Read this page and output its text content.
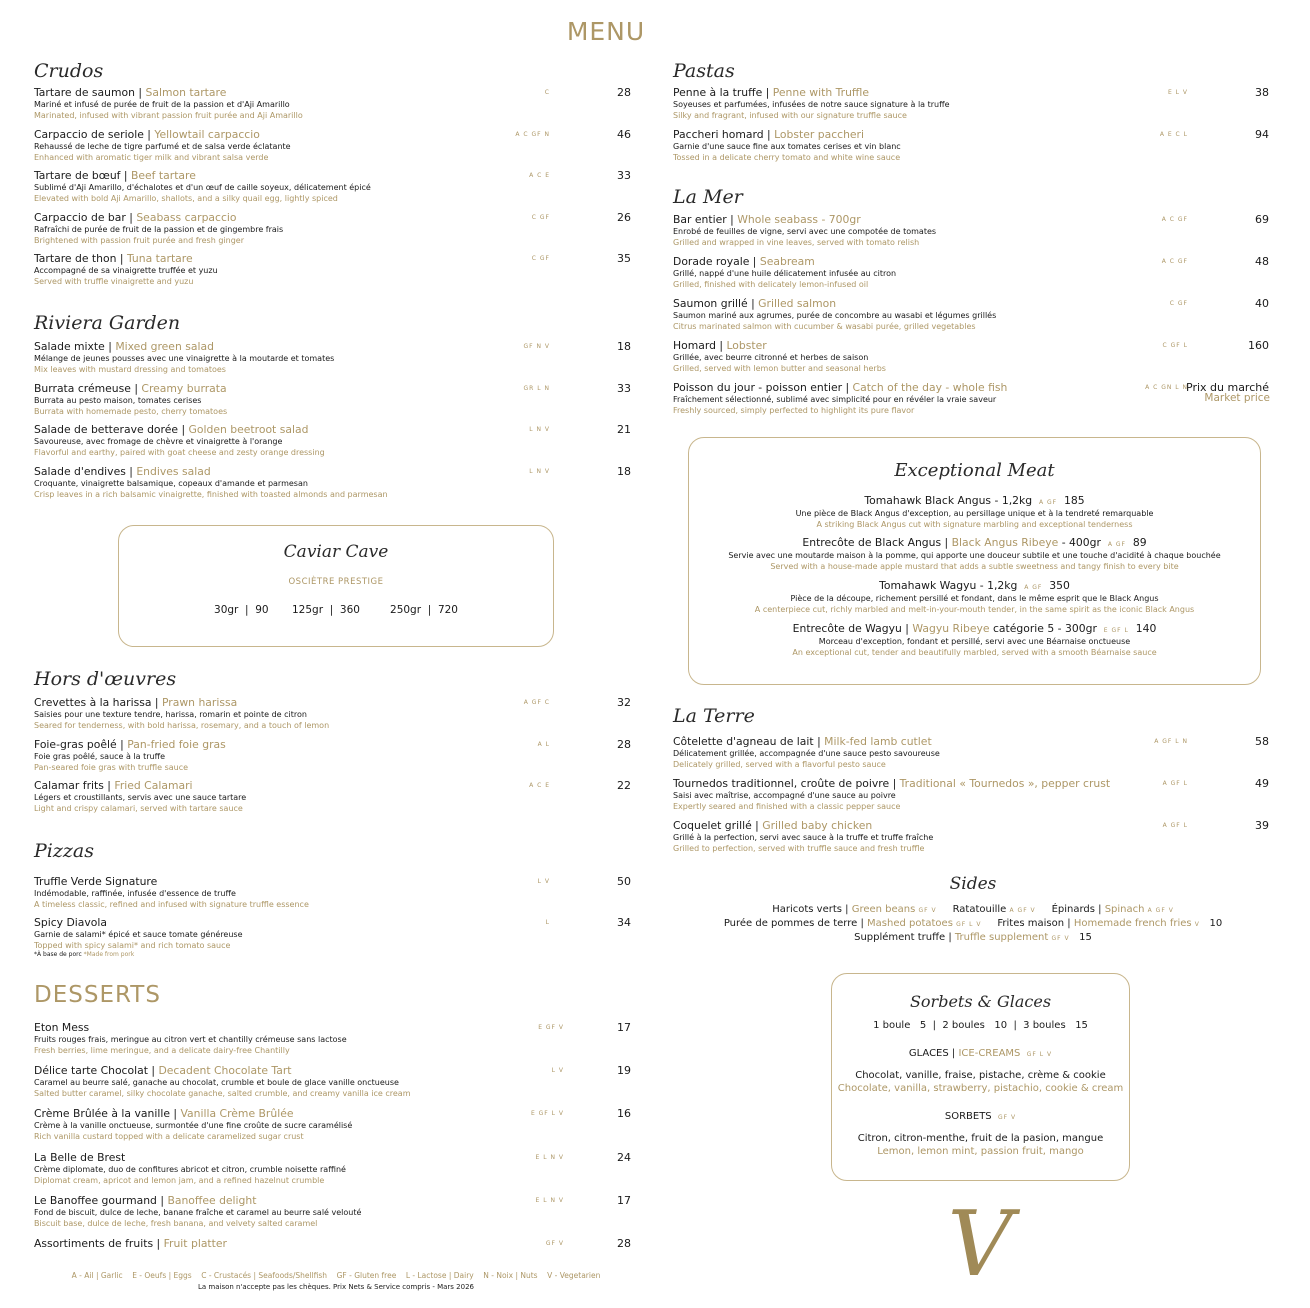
MENU
Crudos
Tartare de saumon | Salmon tartare
Mariné et infusé de purée de fruit de la passion et d'Aji Amarillo
Marinated, infused with vibrant passion fruit purée and Aji Amarillo
C	28
Carpaccio de seriole | Yellowtail carpaccio
Rehaussé de leche de tigre parfumé et de salsa verde éclatante
Enhanced with aromatic tiger milk and vibrant salsa verde
A C GF N	46
Tartare de bœuf | Beef tartare
Sublimé d'Aji Amarillo, d'échalotes et d'un œuf de caille soyeux, délicatement épicé
Elevated with bold Aji Amarillo, shallots, and a silky quail egg, lightly spiced
A C E	33
Carpaccio de bar | Seabass carpaccio
Rafraîchi de purée de fruit de la passion et de gingembre frais
Brightened with passion fruit purée and fresh ginger
C GF	26
Tartare de thon | Tuna tartare
Accompagné de sa vinaigrette truffée et yuzu
Served with truffle vinaigrette and yuzu
C GF	35
Riviera Garden
Salade mixte | Mixed green salad
Mélange de jeunes pousses avec une vinaigrette à la moutarde et tomates
Mix leaves with mustard dressing and tomatoes
GF N V	18
Burrata crémeuse | Creamy burrata
Burrata au pesto maison, tomates cerises
Burrata with homemade pesto, cherry tomatoes
GR L N	33
Salade de betterave dorée | Golden beetroot salad
Savoureuse, avec fromage de chèvre et vinaigrette à l'orange
Flavorful and earthy, paired with goat cheese and zesty orange dressing
L N V	21
Salade d'endives | Endives salad
Croquante, vinaigrette balsamique, copeaux d'amande et parmesan
Crisp leaves in a rich balsamic vinaigrette, finished with toasted almonds and parmesan
L N V	18
Caviar Cave
OSCIÈTRE PRESTIGE
30gr  |  90 125gr  |  360	250gr  |  720
Hors d'œuvres
Crevettes à la harissa | Prawn harissa
Saisies pour une texture tendre, harissa, romarin et pointe de citron
Seared for tenderness, with bold harissa, rosemary, and a touch of lemon
A GF C	32
Foie-gras poêlé | Pan-fried foie gras
Foie gras poêlé, sauce à la truffe
Pan-seared foie gras with truffle sauce
A L	28
Calamar frits | Fried Calamari
Légers et croustillants, servis avec une sauce tartare
Light and crispy calamari, served with tartare sauce
A C E	22
Pizzas
Truffle Verde Signature
Indémodable, raffinée, infusée d'essence de truffe
A timeless classic, refined and infused with signature truffle essence
L V	50
Spicy Diavola
Garnie de salami* épicé et sauce tomate généreuse
Topped with spicy salami* and rich tomato sauce
L	34
*À base de porc *Made from pork
DESSERTS
Eton Mess
Fruits rouges frais, meringue au citron vert et chantilly crémeuse sans lactose
Fresh berries, lime meringue, and a delicate dairy-free Chantilly
E GF V	17
Délice tarte Chocolat | Decadent Chocolate Tart
Caramel au beurre salé, ganache au chocolat, crumble et boule de glace vanille onctueuse
Salted butter caramel, silky chocolate ganache, salted crumble, and creamy vanilla ice cream
L V	19
Crème Brûlée à la vanille | Vanilla Crème Brûlée
Crème à la vanille onctueuse, surmontée d'une fine croûte de sucre caramélisé
Rich vanilla custard topped with a delicate caramelized sugar crust
E GF L V	16
La Belle de Brest
Crème diplomate, duo de confitures abricot et citron, crumble noisette raffiné
Diplomat cream, apricot and lemon jam, and a refined hazelnut crumble
E L N V	24
Le Banoffee gourmand | Banoffee delight
Fond de biscuit, dulce de leche, banane fraîche et caramel au beurre salé velouté
Biscuit base, dulce de leche, fresh banana, and velvety salted caramel
E L N V	17
Assortiments de fruits | Fruit platter	GF V	28
A - Ail | Garlic    E - Oeufs | Eggs    C - Crustacés | Seafoods/Shellfish    GF - Gluten free    L - Lactose | Dairy    N - Noix | Nuts    V - Vegetarien
La maison n'accepte pas les chèques. Prix Nets & Service compris - Mars 2026
Pastas
Penne à la truffe | Penne with Truffle
Soyeuses et parfumées, infusées de notre sauce signature à la truffe
Silky and fragrant, infused with our signature truffle sauce
E L V	38
Paccheri homard | Lobster paccheri
Garnie d'une sauce fine aux tomates cerises et vin blanc
Tossed in a delicate cherry tomato and white wine sauce
A E C L	94
La Mer
Bar entier | Whole seabass - 700gr
Enrobé de feuilles de vigne, servi avec une compotée de tomates
Grilled and wrapped in vine leaves, served with tomato relish
A C GF	69
Dorade royale | Seabream
Grillé, nappé d'une huile délicatement infusée au citron
Grilled, finished with delicately lemon-infused oil
A C GF	48
Saumon grillé | Grilled salmon
Saumon mariné aux agrumes, purée de concombre au wasabi et légumes grillés
Citrus marinated salmon with cucumber & wasabi purée, grilled vegetables
C GF	40
Homard | Lobster
Grillée, avec beurre citronné et herbes de saison
Grilled, served with lemon butter and seasonal herbs
C GF L	160
Poisson du jour - poisson entier | Catch of the day - whole fish
Fraîchement sélectionné, sublimé avec simplicité pour en révéler la vraie saveur
Freshly sourced, simply perfected to highlight its pure flavor
A C GN L N
Prix du marché
Market price
Exceptional Meat
Tomahawk Black Angus - 1,2kg A GF 185
Une pièce de Black Angus d'exception, au persillage unique et à la tendreté remarquable
A striking Black Angus cut with signature marbling and exceptional tenderness
Entrecôte de Black Angus | Black Angus Ribeye - 400gr A GF 89
Servie avec une moutarde maison à la pomme, qui apporte une douceur subtile et une touche d'acidité à chaque bouchée
Served with a house-made apple mustard that adds a subtle sweetness and tangy finish to every bite
Tomahawk Wagyu - 1,2kg A GF 350
Pièce de la découpe, richement persillé et fondant, dans le même esprit que le Black Angus
A centerpiece cut, richly marbled and melt-in-your-mouth tender, in the same spirit as the iconic Black Angus
Entrecôte de Wagyu | Wagyu Ribeye catégorie 5 - 300gr E GF L 140
Morceau d'exception, fondant et persillé, servi avec une Béarnaise onctueuse
An exceptional cut, tender and beautifully marbled, served with a smooth Béarnaise sauce
La Terre
Côtelette d'agneau de lait | Milk-fed lamb cutlet
Délicatement grillée, accompagnée d'une sauce pesto savoureuse
Delicately grilled, served with a flavorful pesto sauce
A GF L N	58
Tournedos traditionnel, croûte de poivre | Traditional « Tournedos », pepper crust
Saisi avec maîtrise, accompagné d'une sauce au poivre
Expertly seared and finished with a classic pepper sauce
A GF L	49
Coquelet grillé | Grilled baby chicken
Grillé à la perfection, servi avec sauce à la truffe et truffe fraîche
Grilled to perfection, served with truffle sauce and fresh truffle
A GF L	39
Sides
Haricots verts | Green beans GF V Ratatouille A GF V Épinards | Spinach A GF V
Purée de pommes de terre | Mashed potatoes GF L V Frites maison | Homemade french fries V 10
Supplément truffe | Truffle supplement GF V 15
Sorbets & Glaces
1 boule   5  |  2 boules   10  |  3 boules   15
GLACES | ICE-CREAMS GF L V
Chocolat, vanille, fraise, pistache, crème & cookie
Chocolate, vanilla, strawberry, pistachio, cookie & cream
SORBETS GF V
Citron, citron-menthe, fruit de la pasion, mangue
Lemon, lemon mint, passion fruit, mango
V
